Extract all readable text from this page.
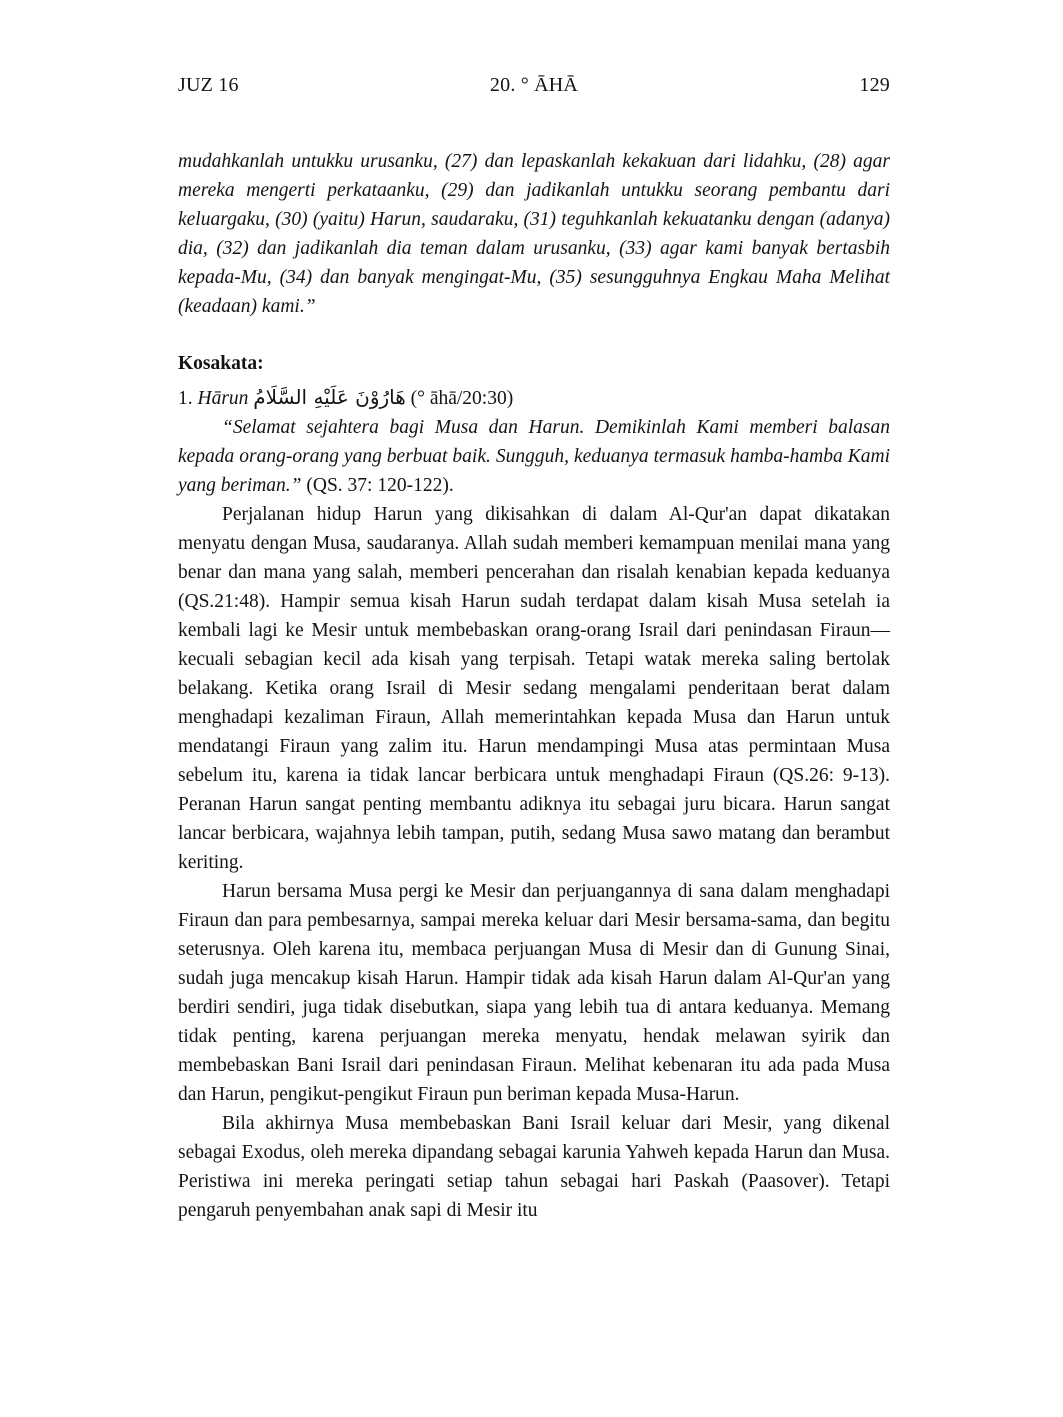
JUZ 16	20. ° ĀHĀ	129

mudahkanlah untukku urusanku, (27) dan lepaskanlah kekakuan dari lidahku, (28) agar mereka mengerti perkataanku, (29) dan jadikanlah untukku seorang pembantu dari keluargaku, (30) (yaitu) Harun, saudaraku, (31) teguhkanlah kekuatanku dengan (adanya) dia, (32) dan jadikanlah dia teman dalam urusanku, (33) agar kami banyak bertasbih kepada-Mu, (34) dan banyak mengingat-Mu, (35) sesungguhnya Engkau Maha Melihat (keadaan) kami.”

Kosakata:

1. Hārun هَارُوْنَ عَلَيْهِ السَّلَامُ (° āhā/20:30)

“Selamat sejahtera bagi Musa dan Harun. Demikinlah Kami memberi balasan kepada orang-orang yang berbuat baik. Sungguh, keduanya termasuk hamba-hamba Kami yang beriman.” (QS. 37: 120-122).

Perjalanan hidup Harun yang dikisahkan di dalam Al-Qur'an dapat dikatakan menyatu dengan Musa, saudaranya. Allah sudah memberi kemampuan menilai mana yang benar dan mana yang salah, memberi pencerahan dan risalah kenabian kepada keduanya (QS.21:48). Hampir semua kisah Harun sudah terdapat dalam kisah Musa setelah ia kembali lagi ke Mesir untuk membebaskan orang-orang Israil dari penindasan Firaun—kecuali sebagian kecil ada kisah yang terpisah. Tetapi watak mereka saling bertolak belakang. Ketika orang Israil di Mesir sedang mengalami penderitaan berat dalam menghadapi kezaliman Firaun, Allah memerintahkan kepada Musa dan Harun untuk mendatangi Firaun yang zalim itu. Harun mendampingi Musa atas permintaan Musa sebelum itu, karena ia tidak lancar berbicara untuk menghadapi Firaun (QS.26: 9-13). Peranan Harun sangat penting membantu adiknya itu sebagai juru bicara. Harun sangat lancar berbicara, wajahnya lebih tampan, putih, sedang Musa sawo matang dan berambut keriting.

Harun bersama Musa pergi ke Mesir dan perjuangannya di sana dalam menghadapi Firaun dan para pembesarnya, sampai mereka keluar dari Mesir bersama-sama, dan begitu seterusnya. Oleh karena itu, membaca perjuangan Musa di Mesir dan di Gunung Sinai, sudah juga mencakup kisah Harun. Hampir tidak ada kisah Harun dalam Al-Qur'an yang berdiri sendiri, juga tidak disebutkan, siapa yang lebih tua di antara keduanya. Memang tidak penting, karena perjuangan mereka menyatu, hendak melawan syirik dan membebaskan Bani Israil dari penindasan Firaun. Melihat kebenaran itu ada pada Musa dan Harun, pengikut-pengikut Firaun pun beriman kepada Musa-Harun.

Bila akhirnya Musa membebaskan Bani Israil keluar dari Mesir, yang dikenal sebagai Exodus, oleh mereka dipandang sebagai karunia Yahweh kepada Harun dan Musa. Peristiwa ini mereka peringati setiap tahun sebagai hari Paskah (Paasover). Tetapi pengaruh penyembahan anak sapi di Mesir itu
